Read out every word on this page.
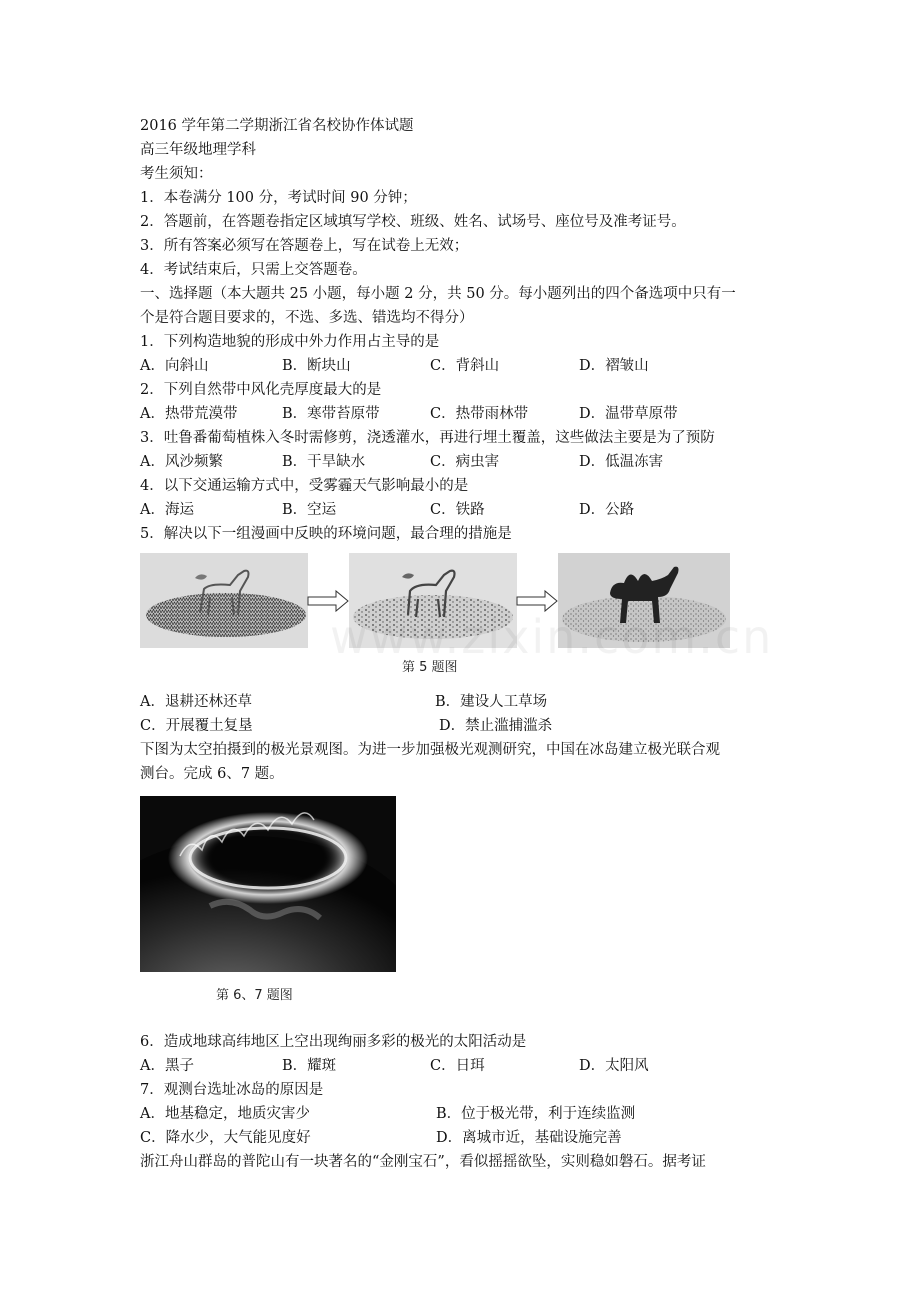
2016 学年第二学期浙江省名校协作体试题
高三年级地理学科
考生须知：
1．本卷满分 100 分，考试时间 90 分钟；
2．答题前，在答题卷指定区域填写学校、班级、姓名、试场号、座位号及准考证号。
3．所有答案必须写在答题卷上，写在试卷上无效；
4．考试结束后，只需上交答题卷。
一、选择题（本大题共 25 小题，每小题 2 分，共 50 分。每小题列出的四个备选项中只有一
个是符合题目要求的，不选、多选、错选均不得分）
1．下列构造地貌的形成中外力作用占主导的是
A．向斜山	B．断块山	C．背斜山	D．褶皱山
2．下列自然带中风化壳厚度最大的是
A．热带荒漠带	B．寒带苔原带	C．热带雨林带	D．温带草原带
3．吐鲁番葡萄植株入冬时需修剪，浇透灌水，再进行埋土覆盖，这些做法主要是为了预防
A．风沙频繁	B．干旱缺水	C．病虫害	D．低温冻害
4．以下交通运输方式中，受雾霾天气影响最小的是
A．海运	B．空运	C．铁路	D．公路
5．解决以下一组漫画中反映的环境问题，最合理的措施是
www.zixin.com.cn
第 5 题图
A．退耕还林还草	B．建设人工草场
C．开展覆土复垦	D．禁止滥捕滥杀
下图为太空拍摄到的极光景观图。为进一步加强极光观测研究，中国在冰岛建立极光联合观
测台。完成 6、7 题。
第 6、7 题图
6．造成地球高纬地区上空出现绚丽多彩的极光的太阳活动是
A．黑子	B．耀斑	C．日珥	D．太阳风
7．观测台选址冰岛的原因是
A．地基稳定，地质灾害少	B．位于极光带，利于连续监测
C．降水少，大气能见度好	D．离城市近，基础设施完善
浙江舟山群岛的普陀山有一块著名的“金刚宝石”，看似摇摇欲坠，实则稳如磐石。据考证
